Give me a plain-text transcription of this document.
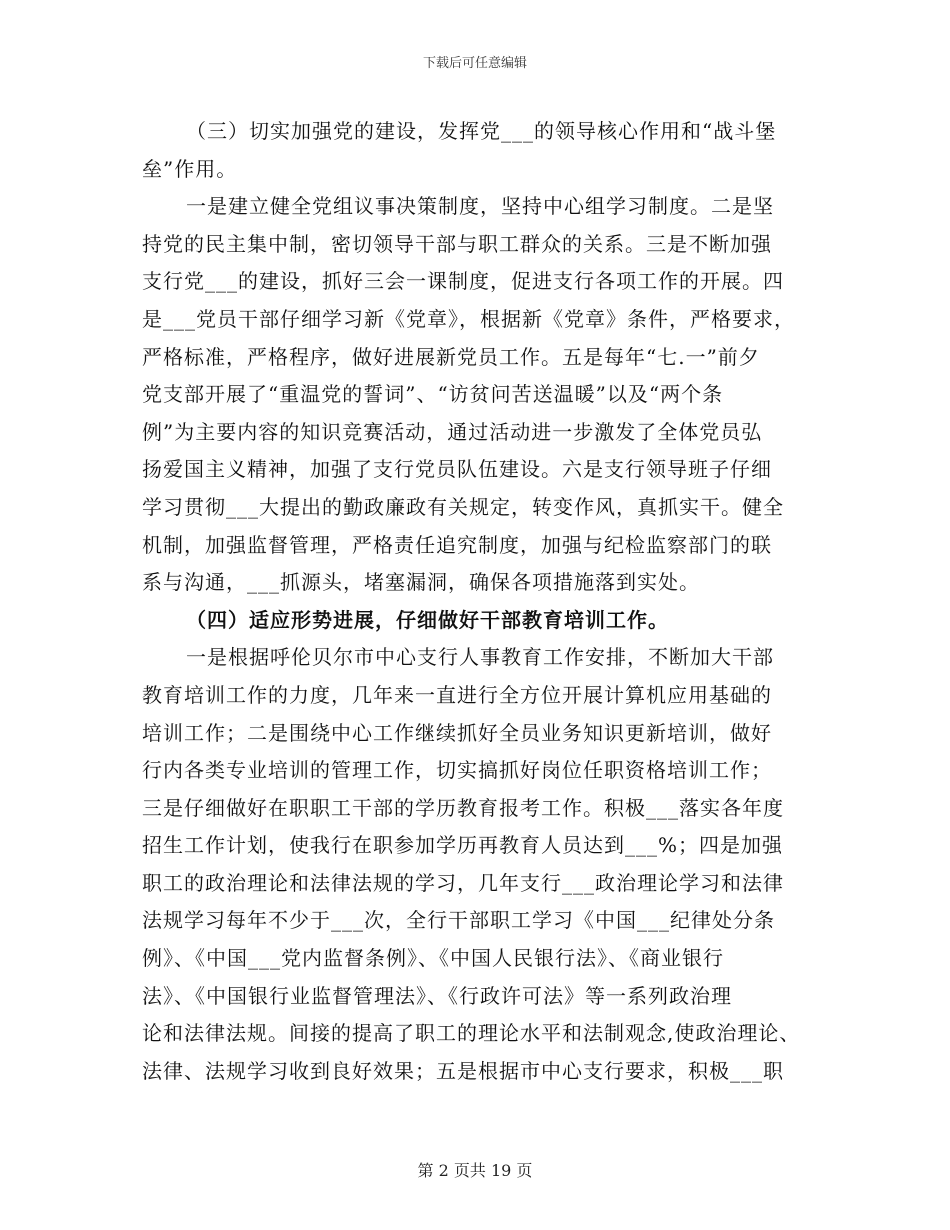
下载后可任意编辑
（三）切实加强党的建设，发挥党___的领导核心作用和“战斗堡
垒”作用。
一是建立健全党组议事决策制度，坚持中心组学习制度。二是坚
持党的民主集中制，密切领导干部与职工群众的关系。三是不断加强
支行党___的建设，抓好三会一课制度，促进支行各项工作的开展。四
是___党员干部仔细学习新《党章》，根据新《党章》条件，严格要求，
严格标准，严格程序，做好进展新党员工作。五是每年“七.一”前夕
党支部开展了“重温党的誓词”、“访贫问苦送温暖”以及“两个条
例”为主要内容的知识竞赛活动，通过活动进一步激发了全体党员弘
扬爱国主义精神，加强了支行党员队伍建设。六是支行领导班子仔细
学习贯彻___大提出的勤政廉政有关规定，转变作风，真抓实干。健全
机制，加强监督管理，严格责任追究制度，加强与纪检监察部门的联
系与沟通，___抓源头，堵塞漏洞，确保各项措施落到实处。
（四）适应形势进展，仔细做好干部教育培训工作。
一是根据呼伦贝尔市中心支行人事教育工作安排，不断加大干部
教育培训工作的力度，几年来一直进行全方位开展计算机应用基础的
培训工作；二是围绕中心工作继续抓好全员业务知识更新培训，做好
行内各类专业培训的管理工作，切实搞抓好岗位任职资格培训工作；
三是仔细做好在职职工干部的学历教育报考工作。积极___落实各年度
招生工作计划，使我行在职参加学历再教育人员达到___%；四是加强
职工的政治理论和法律法规的学习，几年支行___政治理论学习和法律
法规学习每年不少于___次，全行干部职工学习《中国___纪律处分条
例》、《中国___党内监督条例》、《中国人民银行法》、《商业银行
法》、《中国银行业监督管理法》、《行政许可法》等一系列政治理
论和法律法规。间接的提高了职工的理论水平和法制观念,使政治理论、
法律、法规学习收到良好效果；五是根据市中心支行要求，积极___职
第 2 页共 19 页
